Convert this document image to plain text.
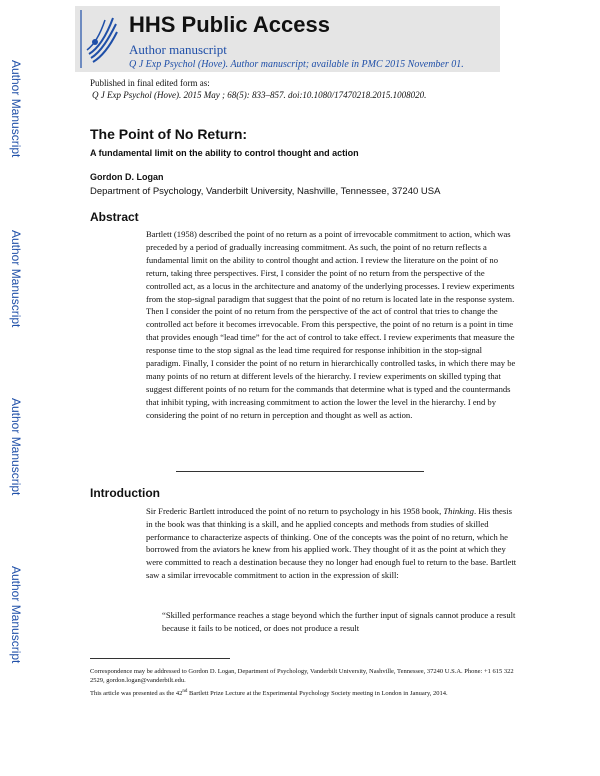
HHS Public Access
Author manuscript
Q J Exp Psychol (Hove). Author manuscript; available in PMC 2015 November 01.
Author Manuscript
Author Manuscript
Author Manuscript
Author Manuscript
Published in final edited form as:
Q J Exp Psychol (Hove). 2015 May ; 68(5): 833–857. doi:10.1080/17470218.2015.1008020.
The Point of No Return:
A fundamental limit on the ability to control thought and action
Gordon D. Logan
Department of Psychology, Vanderbilt University, Nashville, Tennessee, 37240 USA
Abstract

Bartlett (1958) described the point of no return as a point of irrevocable commitment to action, which was preceded by a period of gradually increasing commitment. As such, the point of no return reflects a fundamental limit on the ability to control thought and action. I review the literature on the point of no return, taking three perspectives. First, I consider the point of no return from the perspective of the controlled act, as a locus in the architecture and anatomy of the underlying processes. I review experiments from the stop-signal paradigm that suggest that the point of no return is located late in the response system. Then I consider the point of no return from the perspective of the act of control that tries to change the controlled act before it becomes irrevocable. From this perspective, the point of no return is a point in time that provides enough “lead time” for the act of control to take effect. I review experiments that measure the response time to the stop signal as the lead time required for response inhibition in the stop-signal paradigm. Finally, I consider the point of no return in hierarchically controlled tasks, in which there may be many points of no return at different levels of the hierarchy. I review experiments on skilled typing that suggest different points of no return for the commands that determine what is typed and the countermands that inhibit typing, with increasing commitment to action the lower the level in the hierarchy. I end by considering the point of no return in perception and thought as well as action.

Introduction

Sir Frederic Bartlett introduced the point of no return to psychology in his 1958 book, Thinking. His thesis in the book was that thinking is a skill, and he applied concepts and methods from studies of skilled performance to characterize aspects of thinking. One of the concepts was the point of no return, which he borrowed from the aviators he knew from his applied work. They thought of it as the point at which they were committed to reach a destination because they no longer had enough fuel to return to the base. Bartlett saw a similar irrevocable commitment to action in the expression of skill:

“Skilled performance reaches a stage beyond which the further input of signals cannot produce a result because it fails to be noticed, or does not produce a result

Correspondence may be addressed to Gordon D. Logan, Department of Psychology, Vanderbilt University, Nashville, Tennessee, 37240 U.S.A. Phone: +1 615 322 2529, gordon.logan@vanderbilt.edu.

This article was presented as the 42nd Bartlett Prize Lecture at the Experimental Psychology Society meeting in London in January, 2014.
